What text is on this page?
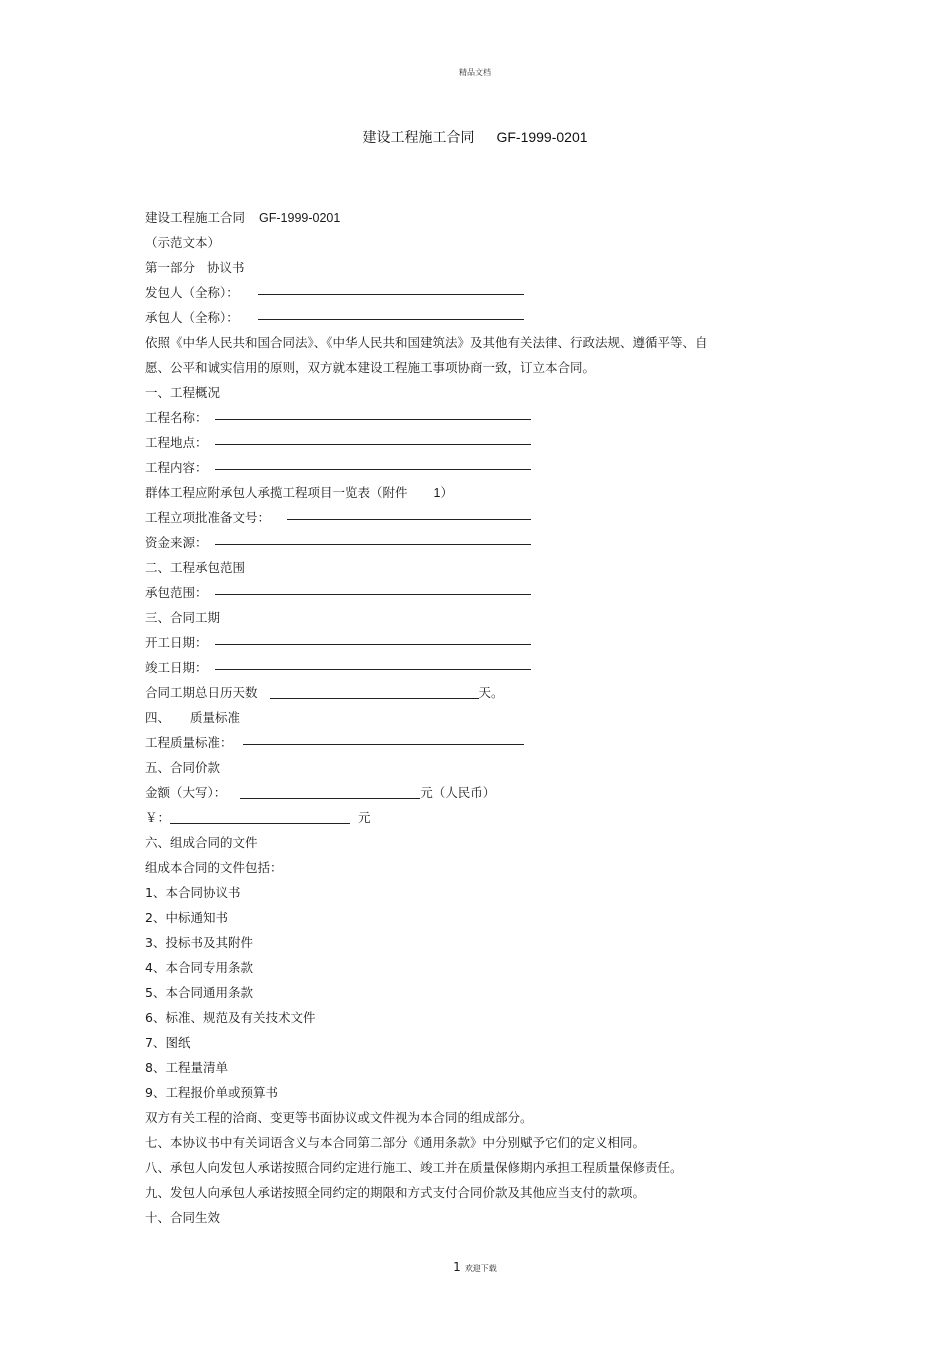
精品文档
建设工程施工合同 GF-1999-0201
建设工程施工合同 GF-1999-0201
（示范文本）
第一部分 协议书
发包人（全称）：
承包人（全称）：
依照《中华人民共和国合同法》、《中华人民共和国建筑法》及其他有关法律、行政法规、遵循平等、自
愿、公平和诚实信用的原则，双方就本建设工程施工事项协商一致，订立本合同。
一、工程概况
工程名称：
工程地点：
工程内容：
群体工程应附承包人承揽工程项目一览表（附件 1）
工程立项批准备文号：
资金来源：
二、工程承包范围
承包范围：
三、合同工期
开工日期：
竣工日期：
合同工期总日历天数	天。
四、 质量标准
工程质量标准：
五、合同价款
金额（大写）：	元（人民币）
￥：	元
六、组成合同的文件
组成本合同的文件包括：
1、本合同协议书
2、中标通知书
3、投标书及其附件
4、本合同专用条款
5、本合同通用条款
6、标准、规范及有关技术文件
7、图纸
8、工程量清单
9、工程报价单或预算书
双方有关工程的洽商、变更等书面协议或文件视为本合同的组成部分。
七、本协议书中有关词语含义与本合同第二部分《通用条款》中分别赋予它们的定义相同。
八、承包人向发包人承诺按照合同约定进行施工、竣工并在质量保修期内承担工程质量保修责任。
九、发包人向承包人承诺按照全同约定的期限和方式支付合同价款及其他应当支付的款项。
十、合同生效
1 欢迎下载
